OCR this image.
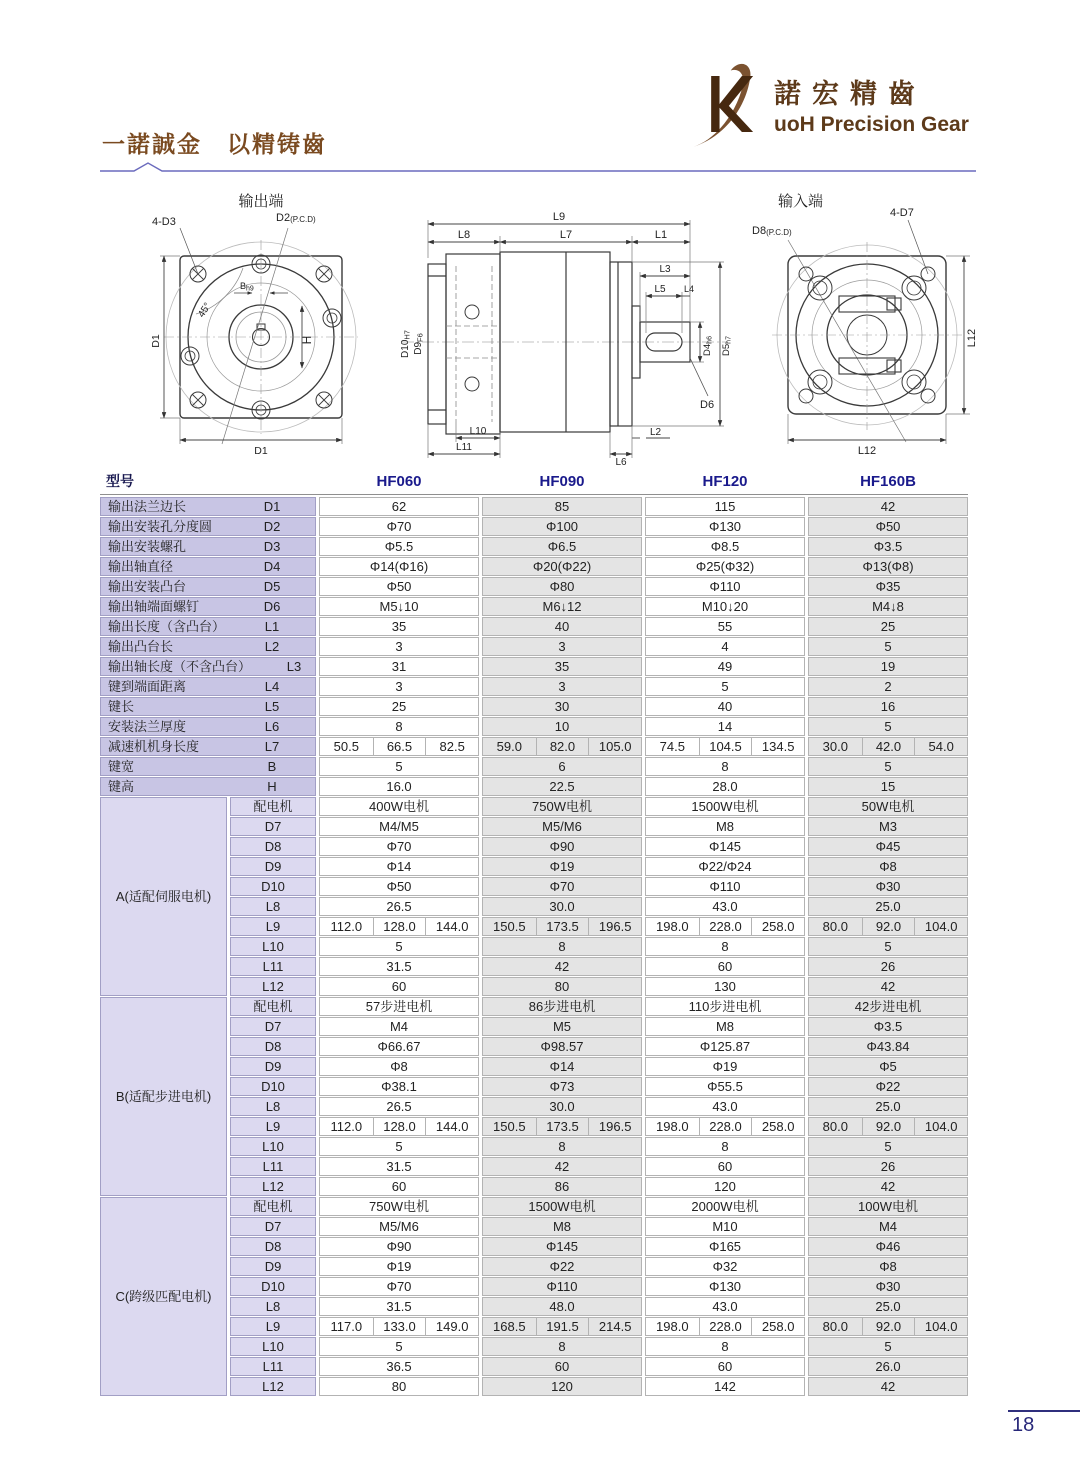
一諾誠金　以精铸齒
諾宏精齒
uoH Precision Gear
输出端
4-D3	D2(P.C.D)
Bh9
45°
D1	H
D1
L9
L8	L7	L1
L3
L5 L4
D10H7
D9F6
D4h6
D5h7
D6
L10
L11
L2
L6
输入端
4-D7
D8(P.C.D)
L12
L12
型号	HF060	HF090	HF120	HF160B
输出法兰边长	D1	62	85	115	42
输出安装孔分度圆	D2	Φ70	Φ100	Φ130	Φ50
输出安装螺孔	D3	Φ5.5	Φ6.5	Φ8.5	Φ3.5
输出轴直径	D4	Φ14(Φ16)	Φ20(Φ22)	Φ25(Φ32)	Φ13(Φ8)
输出安装凸台	D5	Φ50	Φ80	Φ110	Φ35
输出轴端面螺钉	D6	M5↓10	M6↓12	M10↓20	M4↓8
输出长度（含凸台）	L1	35	40	55	25
输出凸台长	L2	3	3	4	5
输出轴长度（不含凸台）	L3	31	35	49	19
键到端面距离	L4	3	3	5	2
键长	L5	25	30	40	16
安装法兰厚度	L6	8	10	14	5
减速机机身长度	L7	50.5	66.5	82.5	59.0	82.0	105.0	74.5	104.5	134.5	30.0	42.0	54.0
键宽	B	5	6	8	5
键高	H	16.0	22.5	28.0	15
A(适配伺服电机)
配电机	400W电机	750W电机	1500W电机	50W电机
D7	M4/M5	M5/M6	M8	M3
D8	Φ70	Φ90	Φ145	Φ45
D9	Φ14	Φ19	Φ22/Φ24	Φ8
D10	Φ50	Φ70	Φ110	Φ30
L8	26.5	30.0	43.0	25.0
L9	112.0	128.0	144.0	150.5	173.5	196.5	198.0	228.0	258.0	80.0	92.0	104.0
L10	5	8	8	5
L11	31.5	42	60	26
L12	60	80	130	42
B(适配步进电机)
配电机	57步进电机	86步进电机	110步进电机	42步进电机
D7	M4	M5	M8	Φ3.5
D8	Φ66.67	Φ98.57	Φ125.87	Φ43.84
D9	Φ8	Φ14	Φ19	Φ5
D10	Φ38.1	Φ73	Φ55.5	Φ22
L8	26.5	30.0	43.0	25.0
L9	112.0	128.0	144.0	150.5	173.5	196.5	198.0	228.0	258.0	80.0	92.0	104.0
L10	5	8	8	5
L11	31.5	42	60	26
L12	60	86	120	42
C(跨级匹配电机)
配电机	750W电机	1500W电机	2000W电机	100W电机
D7	M5/M6	M8	M10	M4
D8	Φ90	Φ145	Φ165	Φ46
D9	Φ19	Φ22	Φ32	Φ8
D10	Φ70	Φ110	Φ130	Φ30
L8	31.5	48.0	43.0	25.0
L9	117.0	133.0	149.0	168.5	191.5	214.5	198.0	228.0	258.0	80.0	92.0	104.0
L10	5	8	8	5
L11	36.5	60	60	26.0
L12	80	120	142	42
18
